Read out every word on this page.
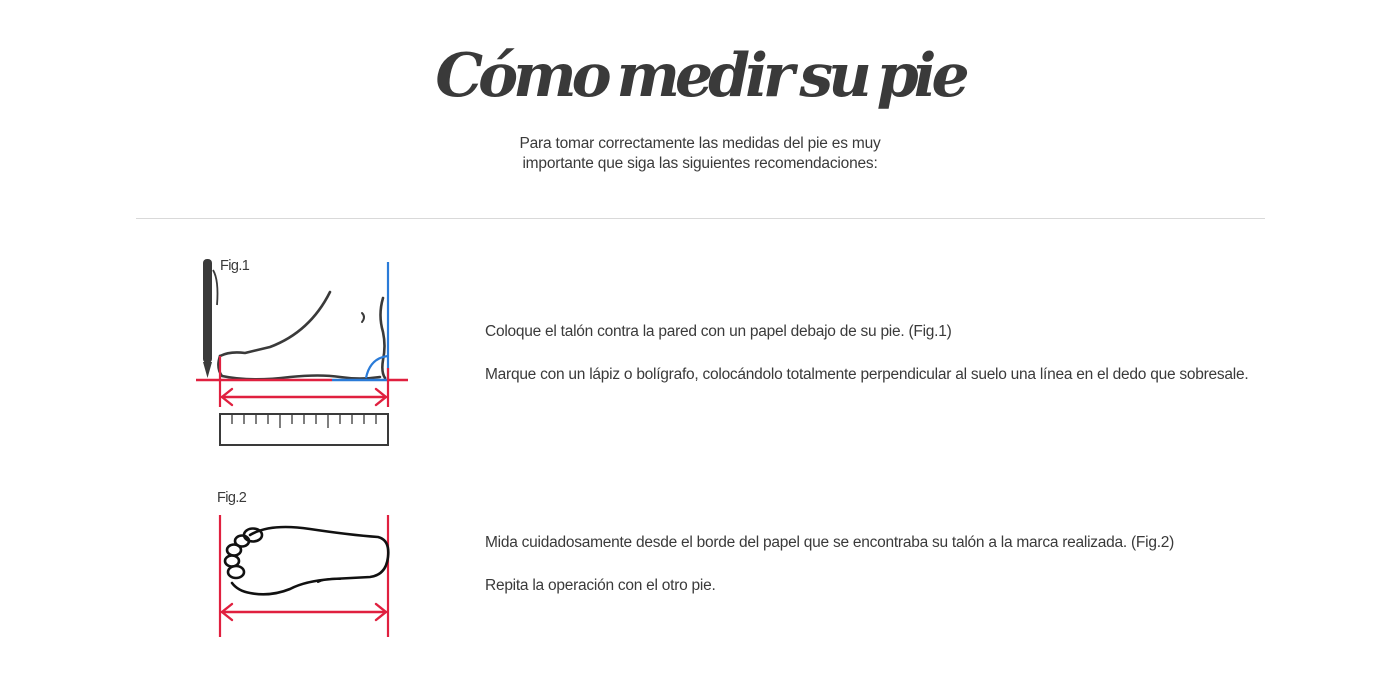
Cómo medir su pie
Para tomar correctamente las medidas del pie es muy
importante que siga las siguientes recomendaciones:
Fig.1
Fig.2
Coloque el talón contra la pared con un papel debajo de su pie. (Fig.1)
Marque con un lápiz o bolígrafo, colocándolo totalmente perpendicular al suelo una línea en el dedo que sobresale.
Mida cuidadosamente desde el borde del papel que se encontraba su talón a la marca realizada. (Fig.2)
Repita la operación con el otro pie.
